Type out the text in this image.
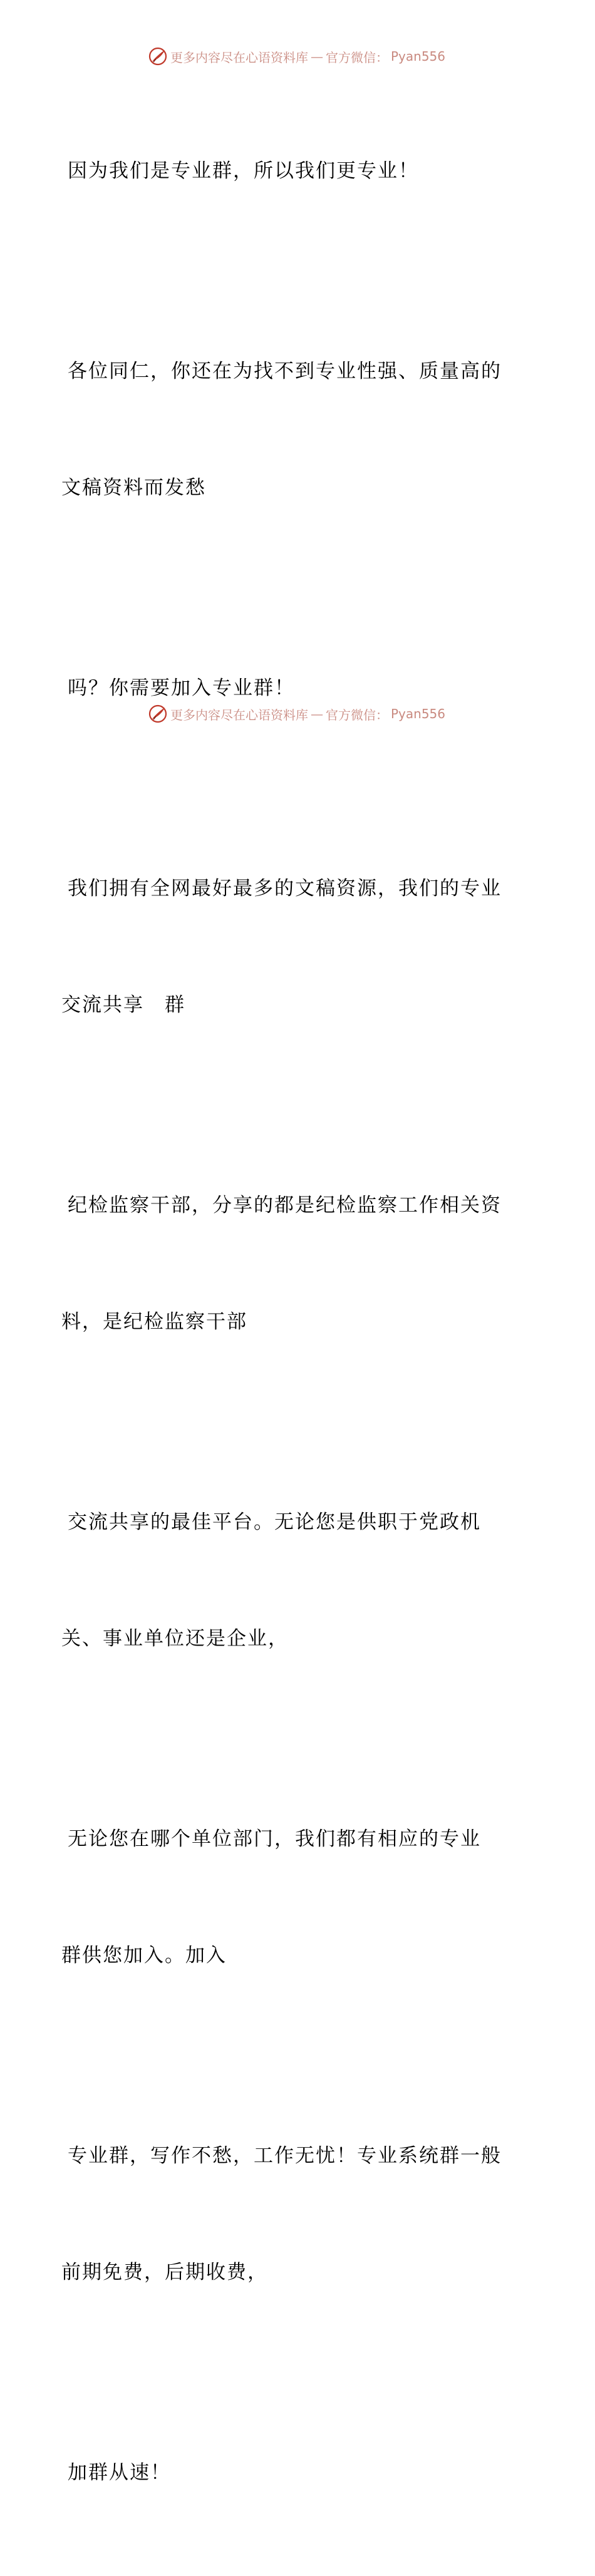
更多内容尽在心语资料库 — 官方微信： Pyan556

因为我们是专业群，所以我们更专业！

各位同仁，你还在为找不到专业性强、质量高的

文稿资料而发愁

吗？你需要加入专业群！

我们拥有全网最好最多的文稿资源，我们的专业

交流共享　群

纪检监察干部，分享的都是纪检监察工作相关资

料，是纪检监察干部

交流共享的最佳平台。无论您是供职于党政机

关、事业单位还是企业，

无论您在哪个单位部门，我们都有相应的专业

群供您加入。加入

专业群，写作不愁，工作无忧！专业系统群一般

前期免费，后期收费，

加群从速！

更多内容尽在心语资料库 — 官方微信： Pyan556
